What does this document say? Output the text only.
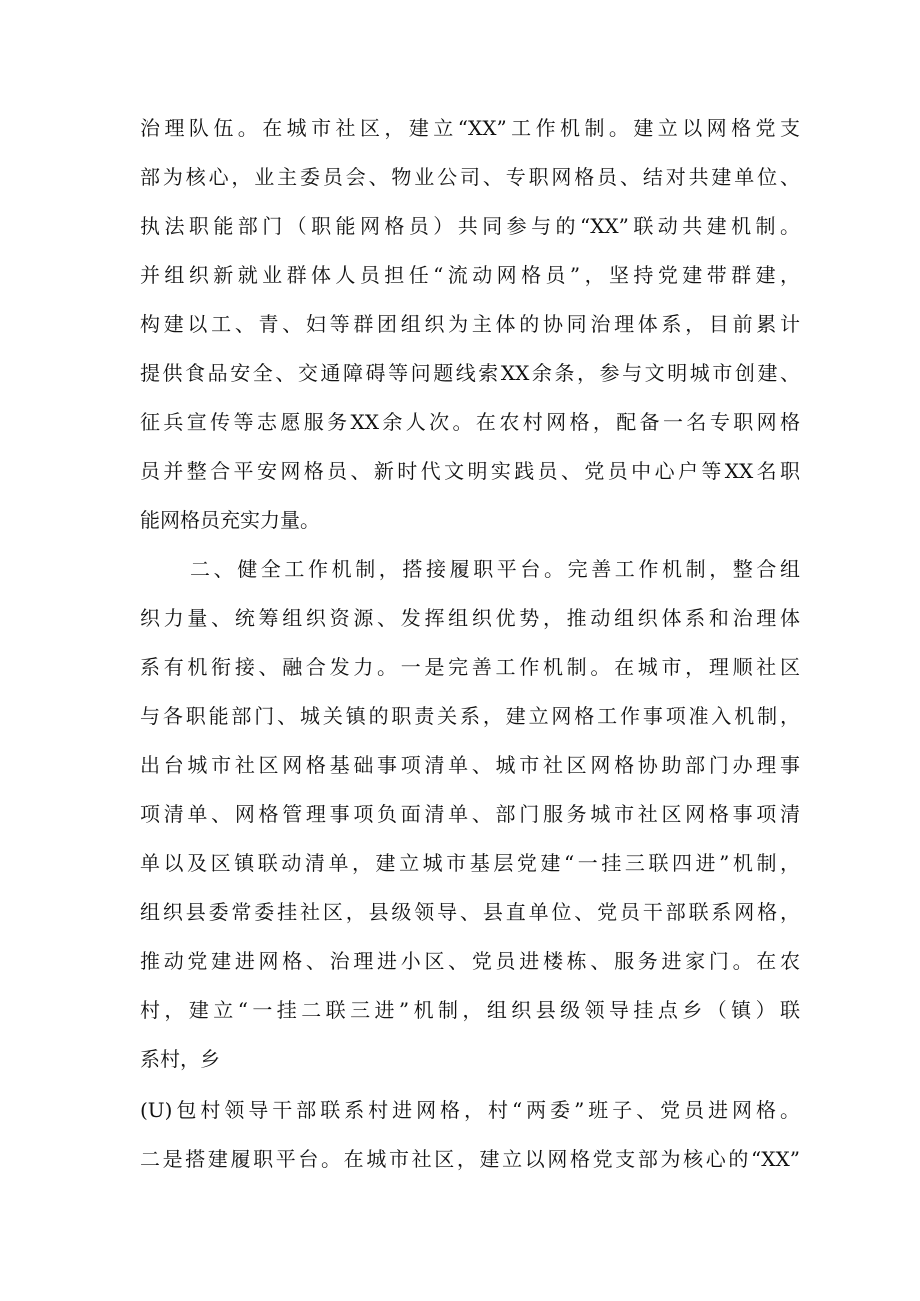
治理队伍。在城市社区，建立“XX”工作机制。建立以网格党支
部为核心，业主委员会、物业公司、专职网格员、结对共建单位、
执法职能部门（职能网格员）共同参与的“XX”联动共建机制。
并组织新就业群体人员担任“流动网格员”，坚持党建带群建，
构建以工、青、妇等群团组织为主体的协同治理体系，目前累计
提供食品安全、交通障碍等问题线索XX余条，参与文明城市创建、
征兵宣传等志愿服务XX余人次。在农村网格，配备一名专职网格
员并整合平安网格员、新时代文明实践员、党员中心户等XX名职
能网格员充实力量。
二、健全工作机制，搭接履职平台。完善工作机制，整合组
织力量、统筹组织资源、发挥组织优势，推动组织体系和治理体
系有机衔接、融合发力。一是完善工作机制。在城市，理顺社区
与各职能部门、城关镇的职责关系，建立网格工作事项准入机制，
出台城市社区网格基础事项清单、城市社区网格协助部门办理事
项清单、网格管理事项负面清单、部门服务城市社区网格事项清
单以及区镇联动清单，建立城市基层党建“一挂三联四进”机制，
组织县委常委挂社区，县级领导、县直单位、党员干部联系网格，
推动党建进网格、治理进小区、党员进楼栋、服务进家门。在农
村，建立“一挂二联三进”机制，组织县级领导挂点乡（镇）联
系村，乡
(U)包村领导干部联系村进网格，村“两委”班子、党员进网格。
二是搭建履职平台。在城市社区，建立以网格党支部为核心的“XX”
